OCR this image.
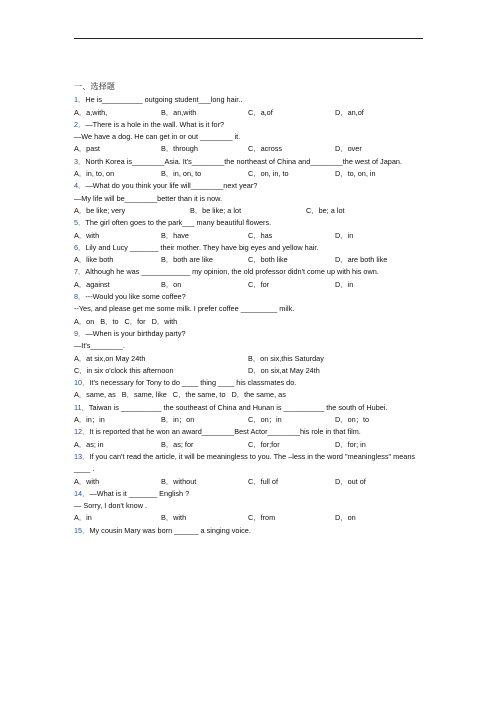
一、选择题
1．He is__________ outgoing student___long hair..
A．a,with,	B．an,with	C．a,of	D．an,of
2．—There is a hole in the wall. What is it for?
—We have a dog. He can get in or out ________ it.
A．past	B．through	C．across	D．over
3．North Korea is________Asia. It's________the northeast of China and________the west of Japan.
A．in, to, on	B．in, on, to	C．on, in, to	D．to, on, in
4．—What do you think your life will________next year?
—My life will be________better than it is now.
A．be like; very	B．be like; a lot	C．be; a lot
5．The girl often goes to the park___ many beautiful flowers.
A．with	B．have	C．has	D．in
6．Lily and Lucy _______ their mother. They have big eyes and yellow hair.
A．like both	B．both are like	C．both like	D．are both like
7．Although he was ____________ my opinion, the old professor didn't come up with his own.
A．against	B．on	C．for	D．in
8．---Would you like some coffee?
--Yes, and please get me some milk. I prefer coffee _________ milk.
A．on B．to C．for D．with
9．—When is your birthday party?
—It's________.
A．at six,on May 24th	B．on six,this Saturday
C．in six o'clock this afternoon	D．on six,at May 24th
10．It's necessary for Tony to do ____ thing ____ his classmates do.
A．same, as B．same, like C．the same, to D．the same, as
11．Taiwan is __________ the southeast of China and Hunan is __________ the south of Hubei.
A．in；in	B．in；on	C．on；in	D．on；to
12．It is reported that he won an award________Best Actor________his role in that film.
A．as; in	B．as; for	C．for;for	D．for; in
13．If you can't read the article, it will be meaningless to you. The –less in the word "meaningless" means ____ .
A．with	B．without	C．full of	D．out of
14．—What is it _______ English ?
— Sorry, I don't know .
A．in	B．with	C．from	D．on
15．My cousin Mary was born ______ a singing voice.
